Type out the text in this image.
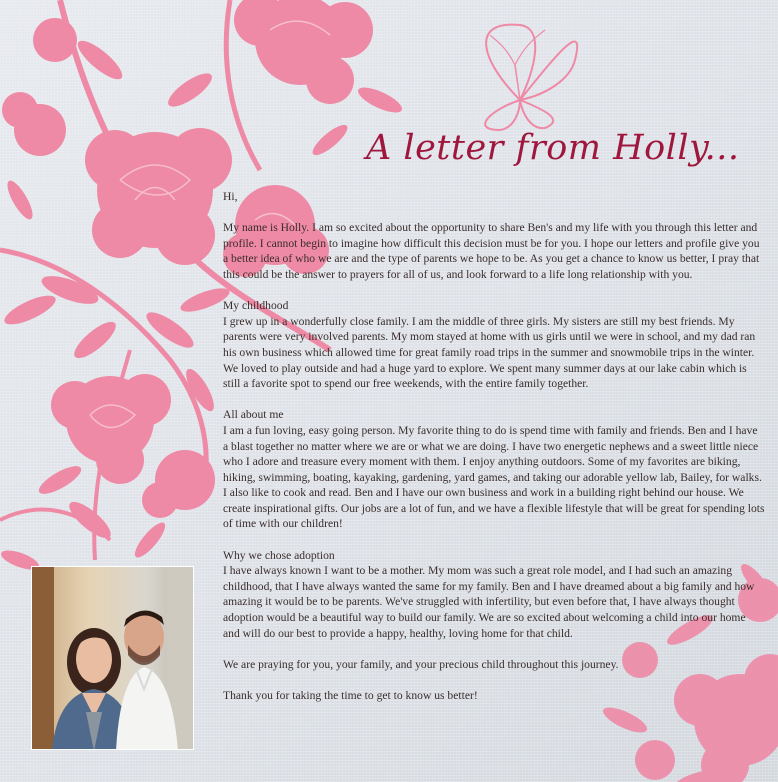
A letter from Holly...

Hi,

My name is Holly. I am so excited about the opportunity to share Ben's and my life with you through this letter and profile. I cannot begin to imagine how difficult this decision must be for you. I hope our letters and profile give you a better idea of who we are and the type of parents we hope to be. As you get a chance to know us better, I pray that this could be the answer to prayers for all of us, and look forward to a life long relationship with you.

My childhood
I grew up in a wonderfully close family. I am the middle of three girls. My sisters are still my best friends. My parents were very involved parents. My mom stayed at home with us girls until we were in school, and my dad ran his own business which allowed time for great family road trips in the summer and snowmobile trips in the winter. We loved to play outside and had a huge yard to explore. We spent many summer days at our lake cabin which is still a favorite spot to spend our free weekends, with the entire family together.

All about me
I am a fun loving, easy going person. My favorite thing to do is spend time with family and friends. Ben and I have a blast together no matter where we are or what we are doing. I have two energetic nephews and a sweet little niece who I adore and treasure every moment with them. I enjoy anything outdoors. Some of my favorites are biking, hiking, swimming, boating, kayaking, gardening, yard games, and taking our adorable yellow lab, Bailey, for walks. I also like to cook and read. Ben and I have our own business and work in a building right behind our house. We create inspirational gifts. Our jobs are a lot of fun, and we have a flexible lifestyle that will be great for spending lots of time with our children!

Why we chose adoption
I have always known I want to be a mother. My mom was such a great role model, and I had such an amazing childhood, that I have always wanted the same for my family. Ben and I have dreamed about a big family and how amazing it would be to be parents. We've struggled with infertility, but even before that, I have always thought adoption would be a beautiful way to build our family. We are so excited about welcoming a child into our home and will do our best to provide a happy, healthy, loving home for that child.

We are praying for you, your family, and your precious child throughout this journey.

Thank you for taking the time to get to know us better!
